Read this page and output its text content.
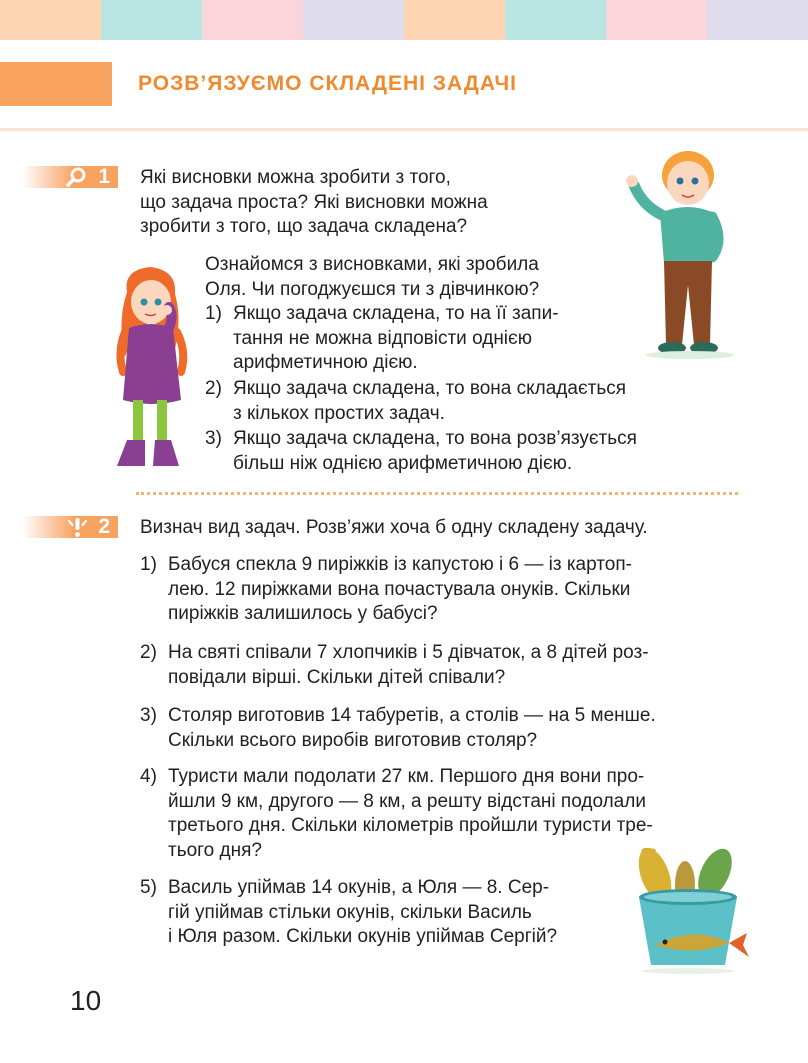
РОЗВ’ЯЗУЄМО СКЛАДЕНІ ЗАДАЧІ
1 Які висновки можна зробити з того,
що задача проста? Які висновки можна
зробити з того, що задача складена?
Ознайомся з висновками, які зробила
Оля. Чи погоджуєшся ти з дівчинкою?
1) Якщо задача складена, то на її запи-
тання не можна відповісти однією
арифметичною дією.
2) Якщо задача складена, то вона складається
з кількох простих задач.
3) Якщо задача складена, то вона розв’язується
більш ніж однією арифметичною дією.
2 Визнач вид задач. Розв’яжи хоча б одну складену задачу.
1) Бабуся спекла 9 пиріжків із капустою і 6 — із картоп-
лею. 12 пиріжками вона почастувала онуків. Скільки
пиріжків залишилось у бабусі?
2) На святі співали 7 хлопчиків і 5 дівчаток, а 8 дітей роз-
повідали вірші. Скільки дітей співали?
3) Столяр виготовив 14 табуретів, а столів — на 5 менше.
Скільки всього виробів виготовив столяр?
4) Туристи мали подолати 27 км. Першого дня вони про-
йшли 9 км, другого — 8 км, а решту відстані подолали
третього дня. Скільки кілометрів пройшли туристи тре-
тього дня?
5) Василь упіймав 14 окунів, а Юля — 8. Сер-
гій упіймав стільки окунів, скільки Василь
і Юля разом. Скільки окунів упіймав Сергій?
10
